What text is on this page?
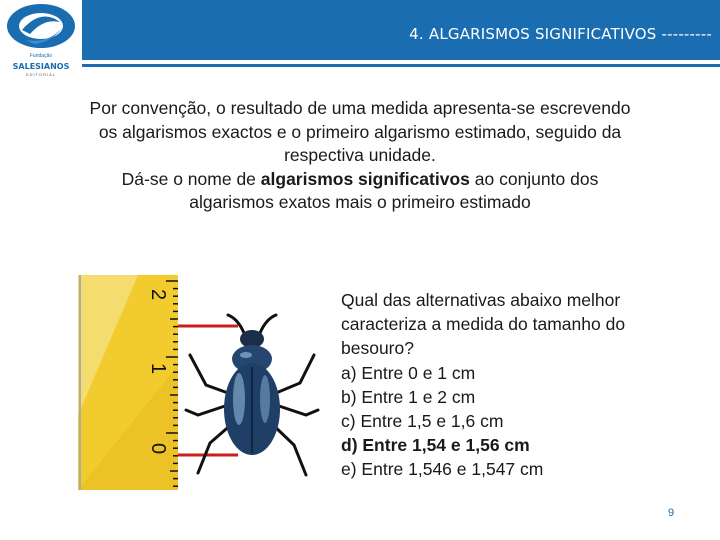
Fundação
SALESIANOS
EDITORIAL
4. ALGARISMOS SIGNIFICATIVOS ---------

Por convenção, o resultado de uma medida apresenta-se escrevendo

os algarismos exactos e o primeiro algarismo estimado, seguido da

respectiva unidade.

Dá-se o nome de algarismos significativos ao conjunto dos

algarismos exatos mais o primeiro estimado

2
1
0
Qual das alternativas abaixo melhor
caracteriza a medida do tamanho do
besouro?
a) Entre 0 e 1 cm
b) Entre 1 e 2 cm
c) Entre 1,5 e 1,6 cm
d) Entre 1,54 e 1,56 cm
e) Entre 1,546 e 1,547 cm
9
